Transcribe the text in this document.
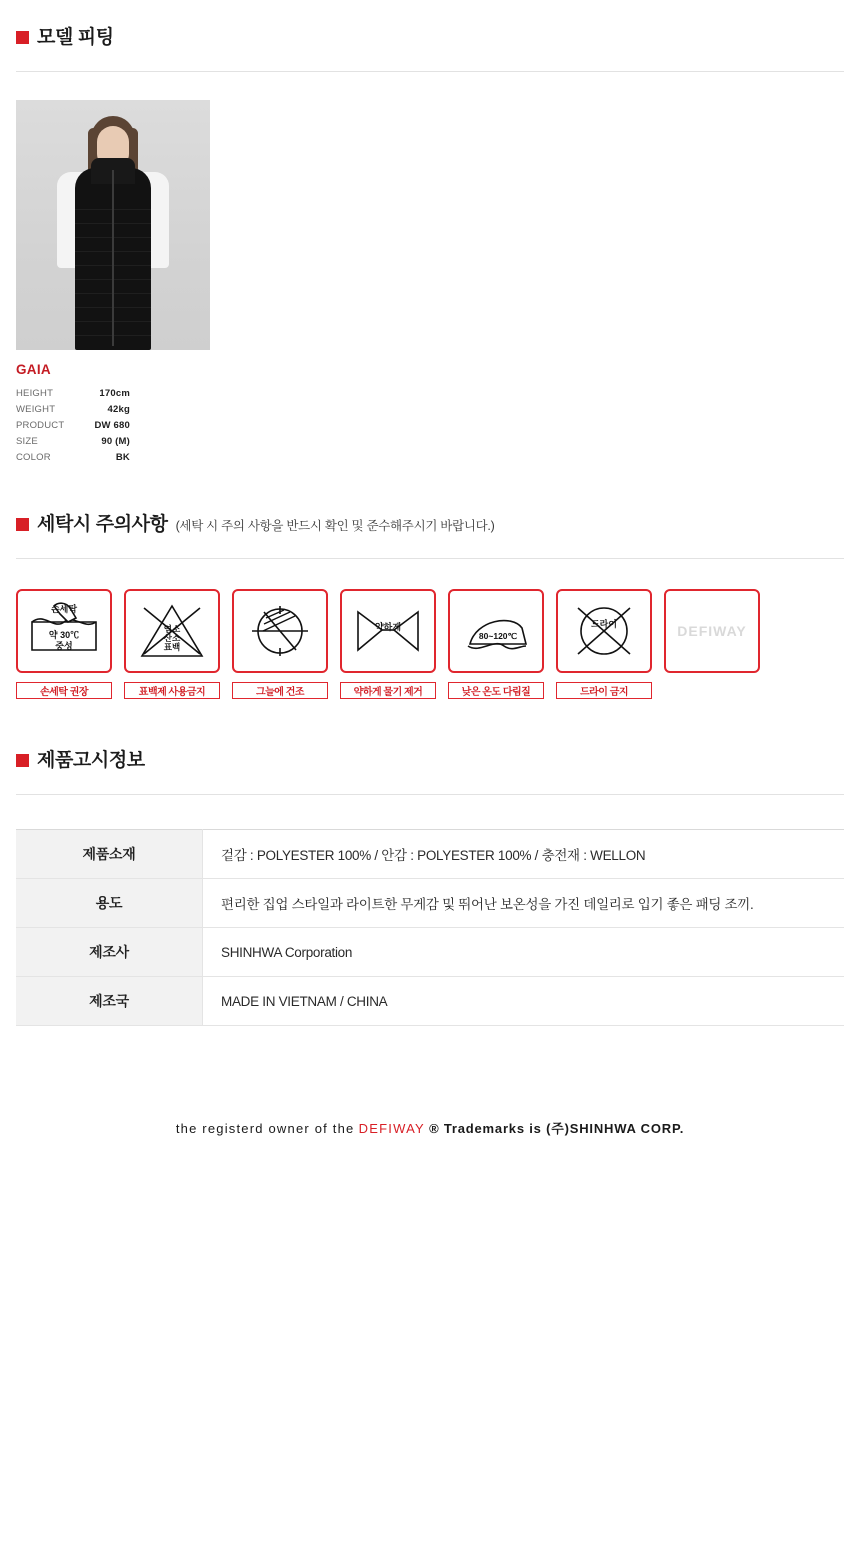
모델 피팅
GAIA
HEIGHT	170cm
WEIGHT	42kg
PRODUCT	DW 680
SIZE	90 (M)
COLOR	BK
세탁시 주의사항 (세탁 시 주의 사항을 반드시 확인 및 준수해주시기 바랍니다.)
손세탁
약 30℃
중성
손세탁 권장
염소
산소
표백
표백제 사용금지	그늘에 건조
약하게
약하게 물기 제거
80~120℃
낮은 온도 다림질
드라이
드라이 금지
DEFIWAY
제품고시정보
제품소재	겉감 : POLYESTER 100% / 안감 : POLYESTER 100% / 충전재 : WELLON
용도	편리한 집업 스타일과 라이트한 무게감 및 뛰어난 보온성을 가진 데일리로 입기 좋은 패딩 조끼.
제조사	SHINHWA Corporation
제조국	MADE IN VIETNAM / CHINA
the registerd owner of the DEFIWAY ® Trademarks is (주)SHINHWA CORP.
